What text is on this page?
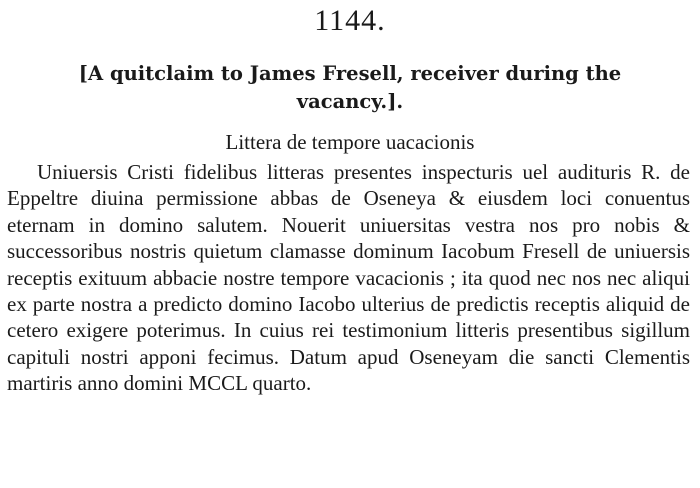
1144.
[A quitclaim to James Fresell, receiver during the vacancy.].
Littera de tempore uacacionis

Uniuersis Cristi fidelibus litteras presentes inspecturis uel audituris R. de Eppeltre diuina permissione abbas de Oseneya & eiusdem loci conuentus eternam in domino salutem. Nouerit uniuersitas vestra nos pro nobis & successoribus nostris quietum clamasse dominum Iacobum Fresell de uniuersis receptis exituum abbacie nostre tempore vacacionis ; ita quod nec nos nec aliqui ex parte nostra a predicto domino Iacobo ulterius de predictis receptis aliquid de cetero exigere poterimus. In cuius rei testimonium litteris presentibus sigillum capituli nostri apponi fecimus. Datum apud Oseneyam die sancti Clementis martiris anno domini MCCL quarto.
